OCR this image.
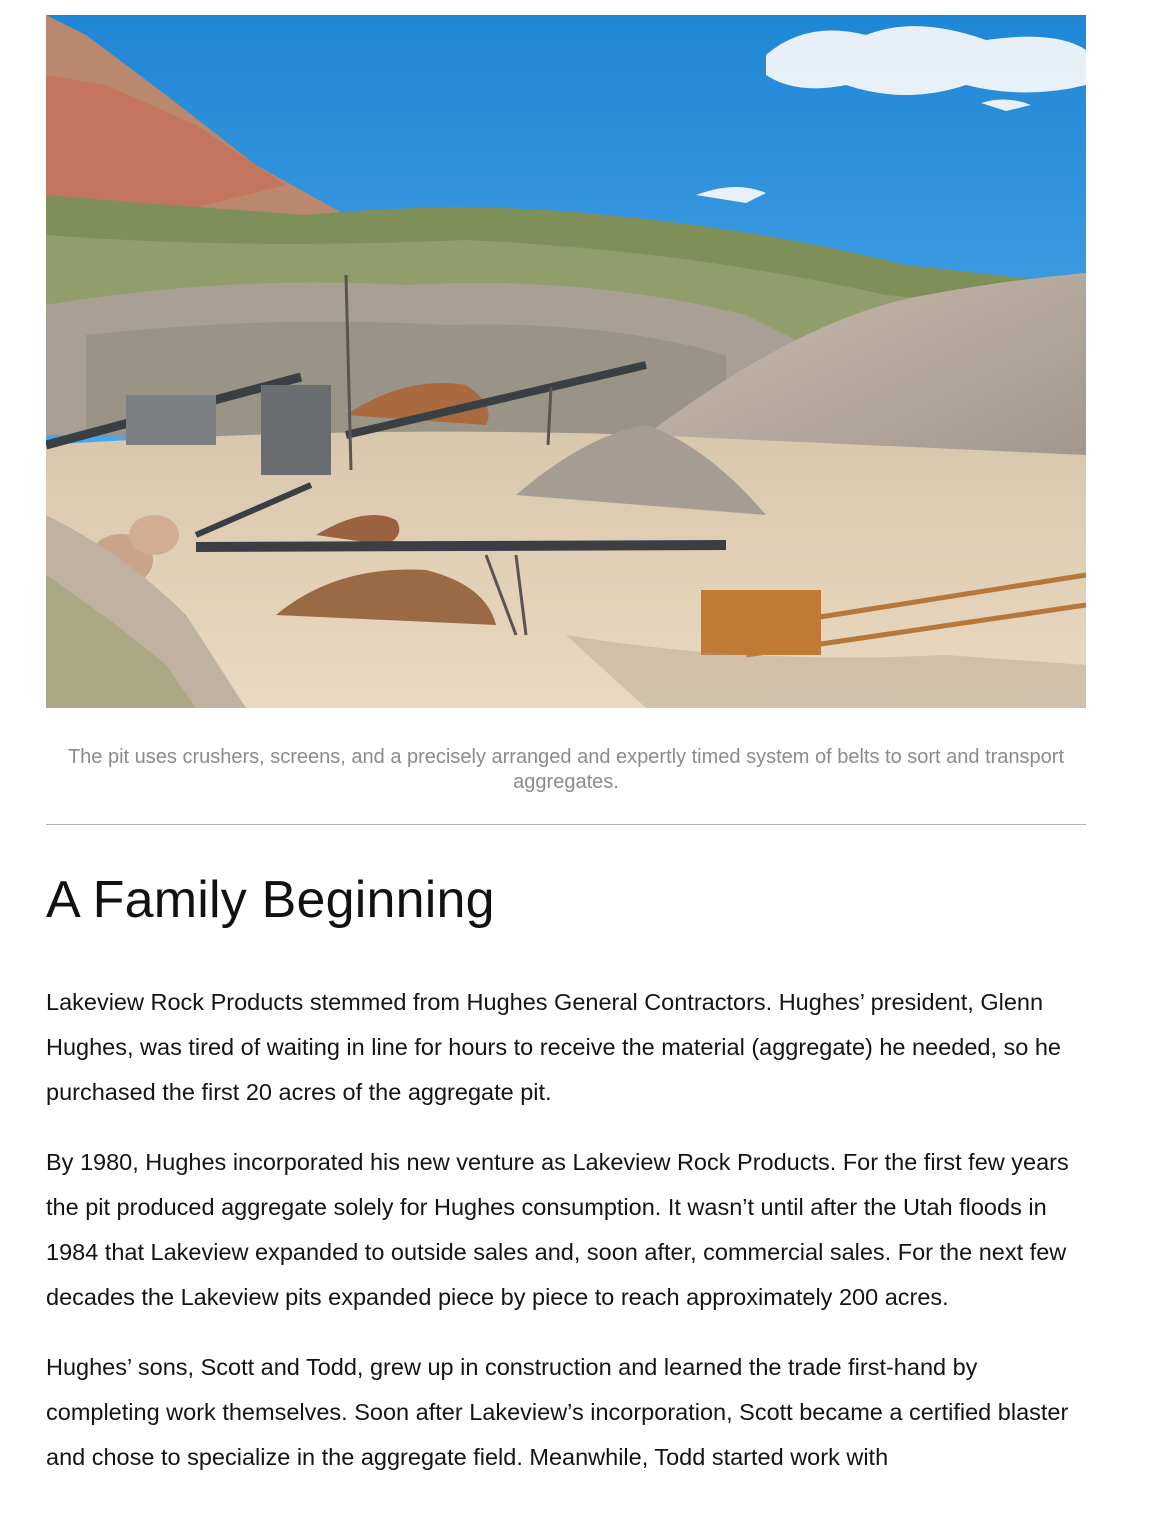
The pit uses crushers, screens, and a precisely arranged and expertly timed system of belts to sort and transport aggregates.

A Family Beginning

Lakeview Rock Products stemmed from Hughes General Contractors. Hughes’ president, Glenn Hughes, was tired of waiting in line for hours to receive the material (aggregate) he needed, so he purchased the first 20 acres of the aggregate pit.

By 1980, Hughes incorporated his new venture as Lakeview Rock Products. For the first few years the pit produced aggregate solely for Hughes consumption. It wasn’t until after the Utah floods in 1984 that Lakeview expanded to outside sales and, soon after, commercial sales. For the next few decades the Lakeview pits expanded piece by piece to reach approximately 200 acres.

Hughes’ sons, Scott and Todd, grew up in construction and learned the trade first-hand by completing work themselves. Soon after Lakeview’s incorporation, Scott became a certified blaster and chose to specialize in the aggregate field. Meanwhile, Todd started work with
